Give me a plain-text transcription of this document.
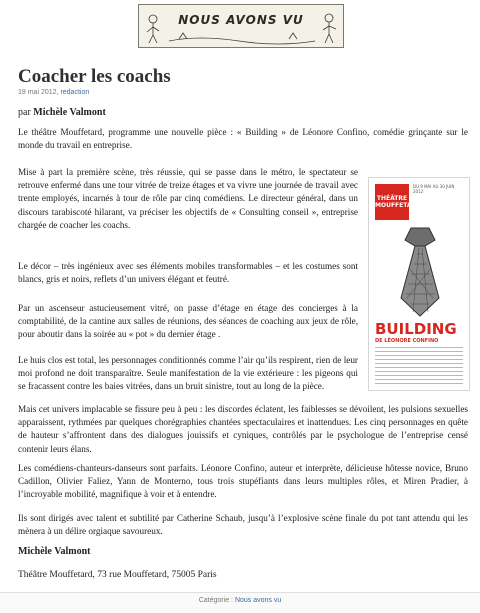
NOUS AVONS VU
Coacher les coachs
19 mai 2012, redaction
par Michèle Valmont

Le théâtre Mouffetard, programme une nouvelle pièce : « Building » de Léonore Confino, comédie grinçante sur le monde du travail en entreprise.

Mise à part la première scène, très réussie, qui se passe dans le métro, le spectateur se retrouve enfermé dans une tour vitrée de treize étages et va vivre une journée de travail avec trente employés, incarnés à tour de rôle par cinq comédiens. Le directeur général, dans un discours tarabiscoté hilarant, va préciser les objectifs de « Consulting conseil », entreprise chargée de coacher les coachs.

Le décor – très ingénieux avec ses éléments mobiles transformables – et les costumes sont blancs, gris et noirs, reflets d’un univers élégant et feutré.

Par un ascenseur astucieusement vitré, on passe d’étage en étage des concierges à la comptabilité, de la cantine aux salles de réunions, des séances de coaching aux jeux de rôle, pour aboutir dans la soirée au « pot » du dernier étage .

Le huis clos est total, les personnages conditionnés comme l’air qu’ils respirent, rien de leur moi profond ne doit transparaître. Seule manifestation de la vie extérieure : les pigeons qui se fracassent contre les baies vitrées, dans un bruit sinistre, tout au long de la pièce.

Mais cet univers implacable se fissure peu à peu : les discordes éclatent, les faiblesses se dévoilent, les pulsions sexuelles apparaissent, rythmées par quelques chorégraphies chantées spectaculaires et inattendues. Les cinq personnages en quête de hauteur s’affrontent dans des dialogues jouissifs et cyniques, contrôlés par le psychologue de l’entreprise censé contenir leurs élans.

Les comédiens-chanteurs-danseurs sont parfaits. Léonore Confino, auteur et interprète, délicieuse hôtesse novice, Bruno Cadillon, Olivier Faliez, Yann de Monterno, tous trois stupéfiants dans leurs multiples rôles, et Miren Pradier, à l’incroyable mobilité, magnifique à voir et à entendre.

Ils sont dirigés avec talent et subtilité par Catherine Schaub, jusqu’à l’explosive scène finale du pot tant attendu qui les mènera à un délire orgiaque savoureux.

Michèle Valmont
Théâtre Mouffetard, 73 rue Mouffetard, 75005 Paris
THÉÂTRE MOUFFETARD
DU 9 MAI AU 30 JUIN 2012
BUILDING
DE LÉONORE CONFINO
Catégorie : Nous avons vu
